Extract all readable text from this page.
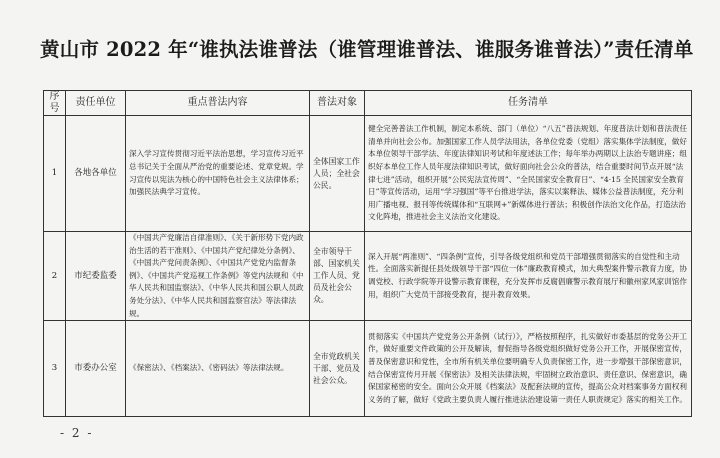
黄山市 2022 年“谁执法谁普法（谁管理谁普法、谁服务谁普法）”责任清单
序号	责任单位	重点普法内容	普法对象	任务清单
1	各地各单位	深入学习宣传贯彻习近平法治思想，学习宣传习近平总书记关于全面从严治党的重要论述、党章党规。学习宣传以宪法为核心的中国特色社会主义法律体系；加强民法典学习宣传。	全体国家工作人员；全社会公民。	健全完善普法工作机制，制定本系统、部门（单位）“八五”普法规划、年度普法计划和普法责任清单并向社会公布。加强国家工作人员学法用法，各单位党委（党组）落实集体学法制度，做好本单位领导干部学法、年度法律知识考试和年度述法工作；每年举办两期以上法治专题讲座；组织好本单位工作人员年度法律知识考试，做好面向社会公众的普法，结合重要时间节点开展“法律七进”活动，组织开展“公民宪法宣传周”、“全民国家安全教育日”、“4·15 全民国家安全教育日”等宣传活动，运用“学习强国”等平台推进学法，落实以案释法、媒体公益普法制度，充分利用广播电视、报刊等传统媒体和“互联网+”新媒体进行普法；积极创作法治文化作品，打造法治文化阵地，推进社会主义法治文化建设。
2	市纪委监委	《中国共产党廉洁自律准则》、《关于新形势下党内政治生活的若干准则》、《中国共产党纪律处分条例》、《中国共产党问责条例》、《中国共产党党内监督条例》、《中国共产党巡视工作条例》等党内法规和《中华人民共和国监察法》、《中华人民共和国公职人员政务处分法》、《中华人民共和国监察官法》等法律法规。	全市领导干部、国家机关工作人员、党员及社会公众。	深入开展“两准则”、“四条例”宣传，引导各级党组织和党员干部增强贯彻落实的自觉性和主动性。全面落实新提任县处级领导干部“四位一体”廉政教育模式，加大典型案件警示教育力度，协调党校、行政学院等开设警示教育课程，充分发挥市反腐倡廉警示教育展厅和徽州家风家训馆作用，组织广大党员干部接受教育，提升教育效果。
3	市委办公室	《保密法》、《档案法》、《密码法》等法律法规。	全市党政机关干部、党员及社会公众。	贯彻落实《中国共产党党务公开条例（试行）》，严格按照程序，扎实做好市委基层的党务公开工作，做好重要文件政策的公开及解读，督促指导各级党组织做好党务公开工作，开展保密宣传，普及保密意识和党性，全市所有机关单位要明确专人负责保密工作，进一步增强干部保密意识，结合保密宣传月开展《保密法》及相关法律法规，牢固树立政治意识、责任意识、保密意识，确保国家秘密的安全。面向公众开展《档案法》及配套法规的宣传，提高公众对档案事务方面权利义务的了解，做好《党政主要负责人履行推进法治建设第一责任人职责规定》落实的相关工作。
- 2 -
